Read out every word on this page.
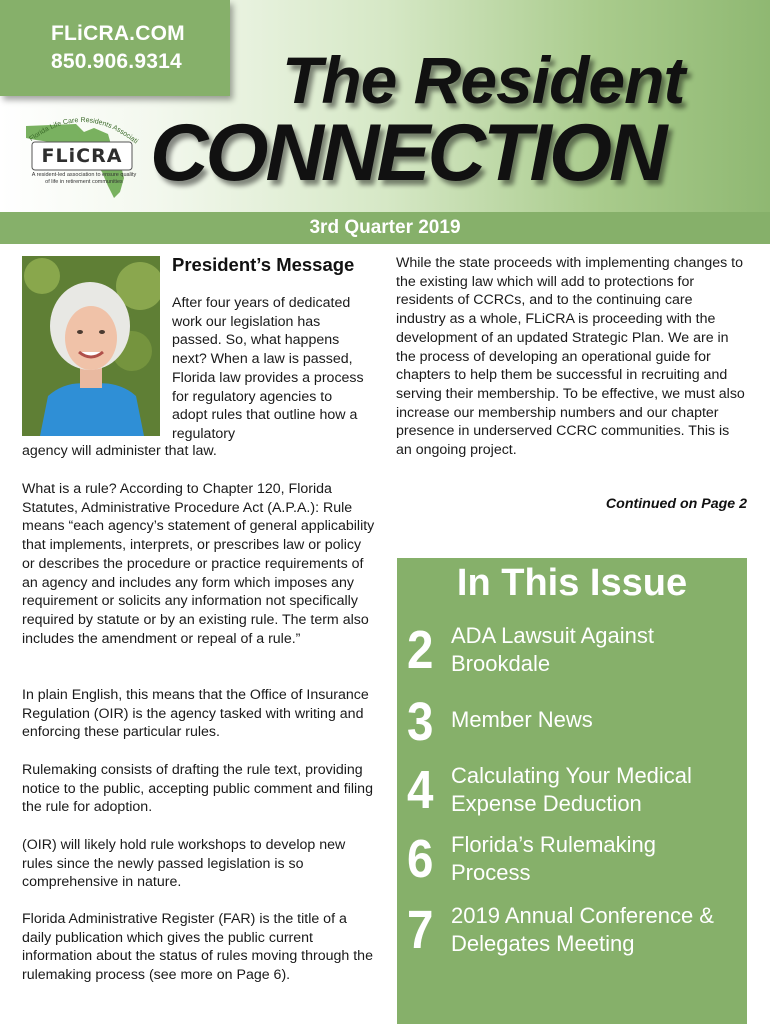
FLiCRA.COM
850.906.9314
Florida Life Care Residents Associati
FLiCRA
A resident-led association to ensure quality of life in retirement communities
The Resident
CONNECTION
3rd Quarter 2019
President’s Message

After four years of dedicated work our legislation has passed. So, what happens next? When a law is passed, Florida law provides a process for regulatory agencies to adopt rules that outline how a regulatory

agency will administer that law.

What is a rule? According to Chapter 120, Florida Statutes, Administrative Procedure Act (A.P.A.): Rule means “each agency’s statement of general applicability that implements, interprets, or prescribes law or policy or describes the procedure or practice requirements of an agency and includes any form which imposes any requirement or solicits any information not specifically required by statute or by an existing rule. The term also includes the amendment or repeal of a rule.”

In plain English, this means that the Office of Insurance Regulation (OIR) is the agency tasked with writing and enforcing these particular rules.

Rulemaking consists of drafting the rule text, providing notice to the public, accepting public comment and filing the rule for adoption.

(OIR) will likely hold rule workshops to develop new rules since the newly passed legislation is so comprehensive in nature.

Florida Administrative Register (FAR) is the title of a daily publication which gives the public current information about the status of rules moving through the rulemaking process (see more on Page 6).

While the state proceeds with implementing changes to the existing law which will add to protections for residents of CCRCs, and to the continuing care industry as a whole, FLiCRA is proceeding with the development of an updated Strategic Plan. We are in the process of developing an operational guide for chapters to help them be successful in recruiting and serving their membership. To be effective, we must also increase our membership numbers and our chapter presence in underserved CCRC communities. This is an ongoing project.

Continued on Page 2
In This Issue
2 ADA Lawsuit Against Brookdale
3 Member News
4 Calculating Your Medical Expense Deduction
6 Florida’s Rulemaking Process
7 2019 Annual Conference & Delegates Meeting
